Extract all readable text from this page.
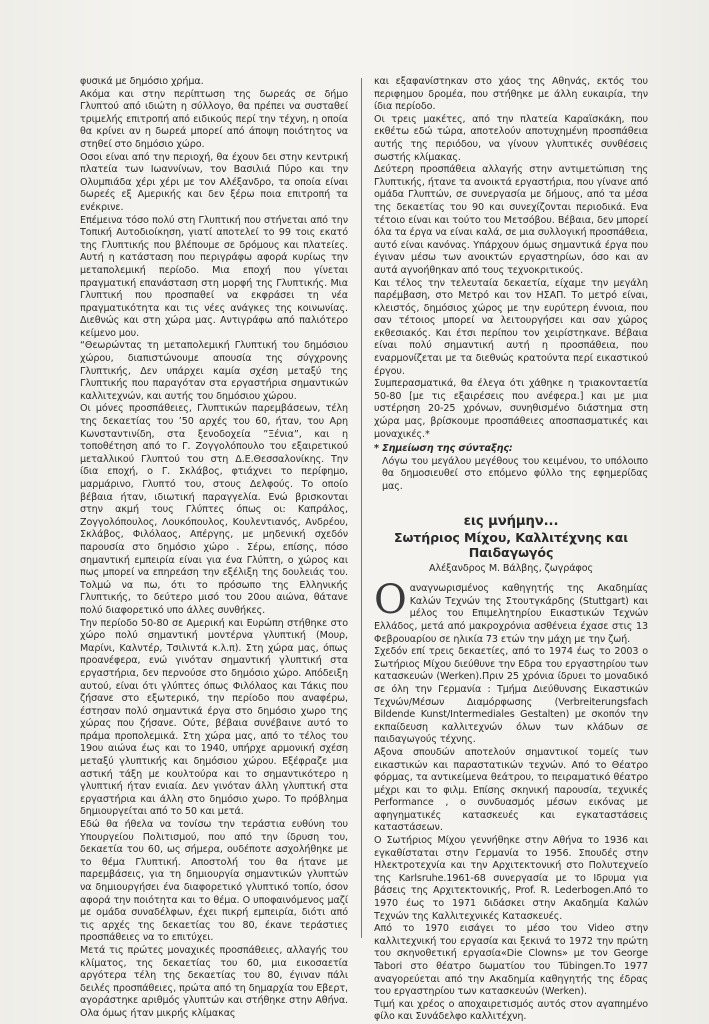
φυσικά με δημόσιο χρήμα.

Ακόμα και στην περίπτωση της δωρεάς σε δήμο Γλυπτού από ιδιώτη η σύλλογο, θα πρέπει να συσταθεί τριμελής επιτροπή από ειδικούς περί την τέχνη, η οποία θα κρίνει αν η δωρεά μπορεί από άποψη ποιότητος να στηθεί στο δημόσιο χώρο.

Οσοι είναι από την περιοχή, θα έχουν δει στην κεντρική πλατεία των Ιωαννίνων, τον Βασιλιά Πύρο και την Ολυμπιάδα χέρι χέρι με τον Αλέξανδρο, τα οποία είναι δωρεές εξ Αμερικής και δεν ξέρω ποια επιτροπή τα ενέκρινε.

Επέμεινα τόσο πολύ στη Γλυπτική που στήνεται από την Τοπική Αυτοδιοίκηση, γιατί αποτελεί το 99 τοις εκατό της Γλυπτικής που βλέπουμε σε δρόμους και πλατείες. Αυτή η κατάσταση που περιγράφω αφορά κυρίως την μεταπολεμική περίοδο. Μια εποχή που γίνεται πραγματική επανάσταση στη μορφή της Γλυπτικής. Μια Γλυπτική που προσπαθεί να εκφράσει τη νέα πραγματικότητα και τις νέες ανάγκες της κοινωνίας. Διεθνώς και στη χώρα μας. Αντιγράφω από παλιότερο κείμενο μου.

“Θεωρώντας τη μεταπολεμική Γλυπτική του δημόσιου χώρου, διαπιστώνουμε απουσία της σύγχρονης Γλυπτικής, Δεν υπάρχει καμία σχέση μεταξύ της Γλυπτικής που παραγόταν στα εργαστήρια σημαντικών καλλιτεχνών, και αυτής του δημόσιου χώρου.

Οι μόνες προσπάθειες, Γλυπτικών παρεμβάσεων, τέλη της δεκαετίας του ’50 αρχές του 60, ήταν, του Αρη Κωνσταντινίδη, στα ξενοδοχεία ”Ξένια”, και η τοποθέτηση από το Γ. Ζογγολόπουλο του εξαιρετικού μεταλλικού Γλυπτού του στη Δ.Ε.Θεσσαλονίκης. Την ίδια εποχή, ο Γ. Σκλάβος, φτιάχνει το περίφημο, μαρμάρινο, Γλυπτό του, στους Δελφούς. Το οποίο βέβαια ήταν, ιδιωτική παραγγελία. Ενώ βρισκονται στην ακμή τους Γλύπτες όπως οι: Καπράλος, Ζογγολόπουλος, Λουκόπουλος, Κουλεντιανός, Ανδρέου, Σκλάβος, Φιλόλαος, Απέργης, με μηδενική σχεδόν παρουσία στο δημόσιο χώρο . Σέρω, επίσης, πόσο σημαντική εμπειρία είναι για ένα Γλύπτη, ο χώρος και πως μπορεί να επηρεάση την εξέλιξη της δουλειάς του. Τολμώ να πω, ότι το πρόσωπο της Ελληνικής Γλυπτικής, το δεύτερο μισό του 20ου αιώνα, θάτανε πολύ διαφορετικό υπο άλλες συνθήκες.

Την περίοδο 50-80 σε Αμερική και Ευρώπη στήθηκε στο χώρο πολύ σημαντική μοντέρνα γλυπτική (Μουρ, Μαρίνι, Καλντέρ, Τσιλιντά κ.λ.π). Στη χώρα μας, όπως προανέφερα, ενώ γινόταν σημαντική γλυπτική στα εργαστήρια, δεν περνούσε στο δημόσιο χώρο. Απόδειξη αυτού, είναι ότι γλύπτες όπως Φιλόλαος και Τάκις που ζήσανε στο εξωτερικό, την περίοδο που αναφέρω, έστησαν πολύ σημαντικά έργα στο δημόσιο χωρο της χώρας που ζήσανε. Ούτε, βέβαια συνέβαινε αυτό το πράμα προπολεμικά. Στη χώρα μας, από το τέλος του 19ου αιώνα έως και το 1940, υπήρχε αρμονική σχέση μεταξύ γλυπτικής και δημόσιου χώρου. Εξέφραζε μια αστική τάξη με κουλτούρα και το σημαντικότερο η γλυπτική ήταν ενιαία. Δεν γινόταν άλλη γλυπτική στα εργαστήρια και άλλη στο δημόσιο χωρο. Το πρόβλημα δημιουργείται από το 50 και μετά.

Εδώ θα ήθελα να τονίσω την τεράστια ευθύνη του Υπουργείου Πολιτισμού, που από την ίδρυση του, δεκαετία του 60, ως σήμερα, ουδέποτε ασχολήθηκε με το θέμα Γλυπτική. Αποστολή του θα ήτανε με παρεμβάσεις, για τη δημιουργία σημαντικών γλυπτών να δημιουργήσει ένα διαφορετικό γλυπτικό τοπίο, όσον αφορά την ποιότητα και το θέμα. Ο υποφαινόμενος μαζί με ομάδα συναδέλφων, έχει πικρή εμπειρία, διότι από τις αρχές της δεκαετίας του 80, έκανε τεράστιες προσπάθειες να το επιτύχει.

Μετά τις πρώτες μοναχικές προσπάθειες, αλλαγής του κλίματος, της δεκαετίας του 60, μια εικοσαετία αργότερα τέλη της δεκαετίας του 80, έγιναν πάλι δειλές προσπάθειες, πρώτα από τη δημαρχία του Εβερτ, αγοράστηκε αριθμός γλυπτών και στήθηκε στην Αθήνα. Ολα όμως ήταν μικρής κλίμακας

και εξαφανίστηκαν στο χάος της Αθηνάς, εκτός του περιφημου δρομέα, που στήθηκε με άλλη ευκαιρία, την ίδια περίοδο.

Οι τρεις μακέτες, από την πλατεία Καραϊσκάκη, που εκθέτω εδώ τώρα, αποτελούν αποτυχημένη προσπάθεια αυτής της περιόδου, να γίνουν γλυπτικές συνθέσεις σωστής κλίμακας.

Δεύτερη προσπάθεια αλλαγής στην αντιμετώπιση της Γλυπτικής, ήτανε τα ανοικτά εργαστήρια, που γίνανε από ομάδα Γλυπτών, σε συνεργασία με δήμους, από τα μέσα της δεκαετίας του 90 και συνεχίζονται περιοδικά. Ενα τέτοιο είναι και τούτο του Μετσόβου. Βέβαια, δεν μπορεί όλα τα έργα να είναι καλά, σε μια συλλογική προσπάθεια, αυτό είναι κανόνας. Υπάρχουν όμως σημαντικά έργα που έγιναν μέσω των ανοικτών εργαστηρίων, όσο και αν αυτά αγνοήθηκαν από τους τεχνοκριτικούς.

Και τέλος την τελευταία δεκαετία, είχαμε την μεγάλη παρέμβαση, στο Μετρό και τον ΗΣΑΠ. Το μετρό είναι, κλειστός, δημόσιος χώρος με την ευρύτερη έννοια, που σαν τέτοιος μπορεί να λειτουργήσει και σαν χώρος εκθεσιακός. Και έτσι περίπου τον χειρίστηκανε. Βέβαια είναι πολύ σημαντική αυτή η προσπάθεια, που εναρμονίζεται με τα διεθνώς κρατούντα περί εικαστικού έργου.

Συμπερασματικά, θα έλεγα ότι χάθηκε η τριακονταετία 50-80 [με τις εξαιρέσεις που ανέφερα.] και με μια υστέρηση 20-25 χρόνων, συνηθισμένο διάστημα στη χώρα μας, βρίσκουμε προσπάθειες αποσπασματικές και μοναχικές.*

* Σημείωση της σύνταξης:

Λόγω του μεγάλου μεγέθους του κειμένου, το υπόλοιπο θα δημοσιευθεί στο επόμενο φύλλο της εφημερίδας μας.

εις μνήμην...

Σωτήριος Μίχου, Καλλιτέχνης και Παιδαγωγός

Αλέξανδρος Μ. Βάλβης, ζωγράφος

Οαναγνωρισμένος καθηγητής της Ακαδημίας Καλών Τεχνών της Στουτγκάρδης (Stuttgart) και μέλος του Επιμελητηρίου Εικαστικών Τεχνών Ελλάδος, μετά από μακροχρόνια ασθένεια έχασε στις 13 Φεβρουαρίου σε ηλικία 73 ετών την μάχη με την ζωή.

Σχεδόν επί τρεις δεκαετίες, από το 1974 έως το 2003 ο Σωτήριος Μίχου διεύθυνε την Εδρα του εργαστηρίου των κατασκευών (Werken).Πριν 25 χρόνια ίδρυει το μοναδικό σε όλη την Γερμανία : Τμήμα Διεύθυνσης Εικαστικών Τεχνών/Μέσων Διαμόρφωσης (Verbreiterungsfach Bildende Kunst/Intermediales Gestalten) με σκοπόν την εκπαίδευση καλλιτεχνών όλων των κλάδων σε παιδαγωγούς τέχνης.

Αξονα σπουδών αποτελούν σημαντικοί τομείς των εικαστικών και παραστατικών τεχνών. Από το Θέατρο φόρμας, τα αντικείμενα θεάτρου, το πειραματικό θέατρο μέχρι και το φιλμ. Επίσης σκηνική παρουσία, τεχνικές Performance , ο συνδυασμός μέσων εικόνας με αφηγηματικές κατασκευές και εγκαταστάσεις καταστάσεων.

Ο Σωτήριος Μίχου γεννήθηκε στην Αθήνα το 1936 και εγκαθίσταται στην Γερμανία το 1956. Σπουδές στην Ηλεκτροτεχνία και την Αρχιτεκτονική στο Πολυτεχνείο της Karlsruhe.1961-68 συνεργασία με το Ιδρυμα για βάσεις της Αρχιτεκτονικής, Prof. R. Lederbogen.Από το 1970 έως το 1971 διδάσκει στην Ακαδημία Καλών Τεχνών της Καλλιτεχνικές Κατασκευές.

Από το 1970 εισάγει το μέσο του Video στην καλλιτεχνική του εργασία και ξεκινά το 1972 την πρώτη του σκηνοθετική εργασία«Die Clowns» με τον George Tabori στο θέατρο δωματίου του Tübingen.Το 1977 αναγορεύεται από την Ακαδημία καθηγητής της έδρας του εργαστηρίου των κατασκευών (Werken).

Τιμή και χρέος ο αποχαιρετισμός αυτός στον αγαπημένο φίλο και Συνάδελφο καλλιτέχνη.
